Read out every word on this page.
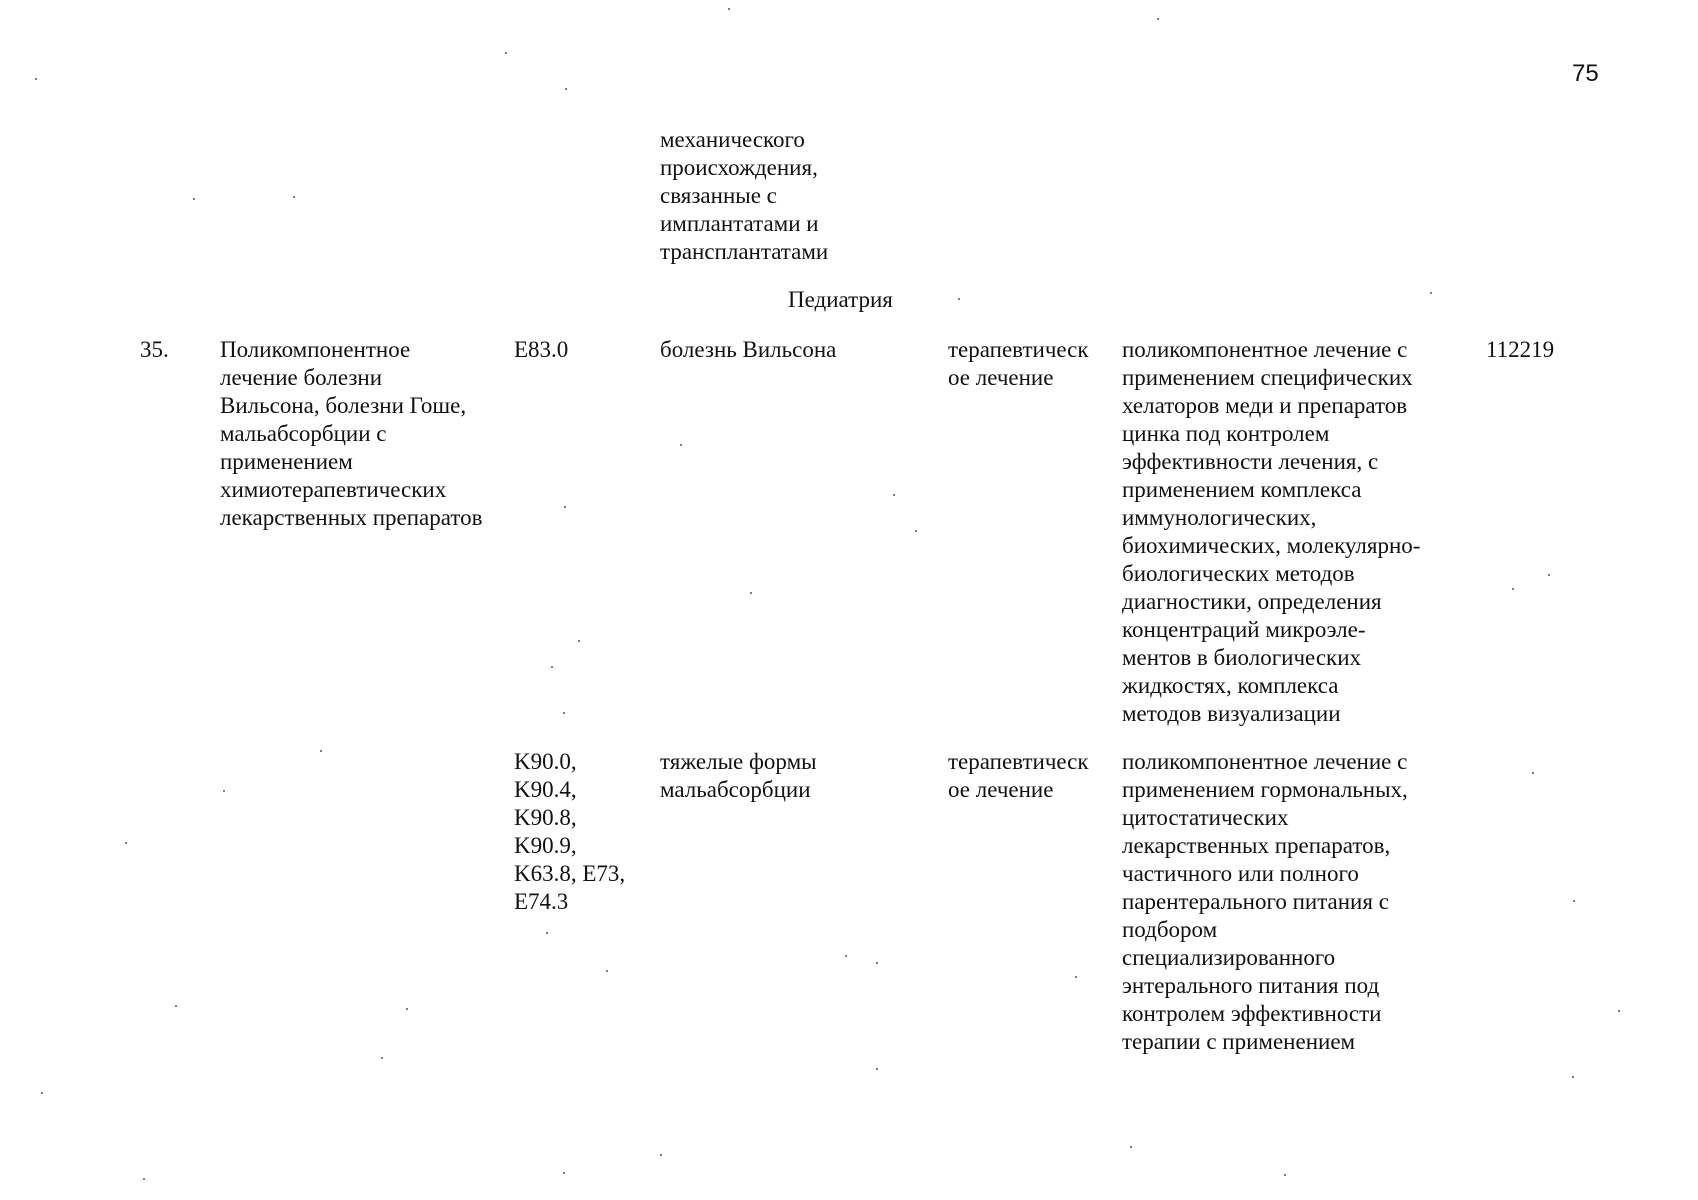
75
механического
происхождения,
связанные с
имплантатами и
трансплантатами
Педиатрия
35. Поликомпонентное
лечение болезни
Вильсона, болезни Гоше,
мальабсорбции с
применением
химиотерапевтических
лекарственных препаратов
E83.0	болезнь Вильсона	терапевтическ
ое лечение
поликомпонентное лечение с
применением специфических
хелаторов меди и препаратов
цинка под контролем
эффективности лечения, с
применением комплекса
иммунологических,
биохимических, молекулярно-
биологических методов
диагностики, определения
концентраций микроэле-
ментов в биологических
жидкостях, комплекса
методов визуализации
112219
K90.0,
K90.4,
K90.8,
K90.9,
K63.8, E73,
E74.3
тяжелые формы
мальабсорбции
терапевтическ
ое лечение
поликомпонентное лечение с
применением гормональных,
цитостатических
лекарственных препаратов,
частичного или полного
парентерального питания с
подбором
специализированного
энтерального питания под
контролем эффективности
терапии с применением
